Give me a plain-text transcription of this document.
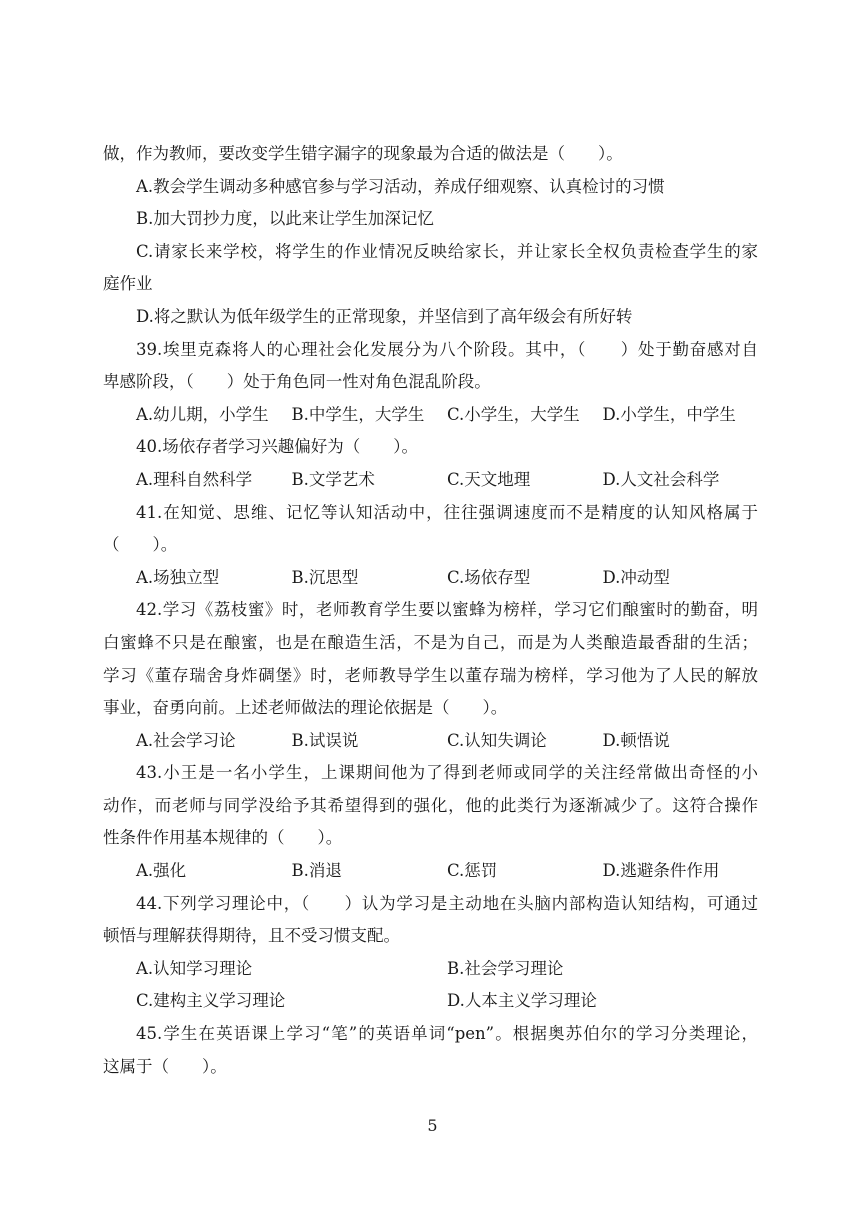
做，作为教师，要改变学生错字漏字的现象最为合适的做法是（　　）。
A.教会学生调动多种感官参与学习活动，养成仔细观察、认真检讨的习惯
B.加大罚抄力度，以此来让学生加深记忆
C.请家长来学校，将学生的作业情况反映给家长，并让家长全权负责检查学生的家
庭作业
D.将之默认为低年级学生的正常现象，并坚信到了高年级会有所好转
39.埃里克森将人的心理社会化发展分为八个阶段。其中，（　　）处于勤奋感对自
卑感阶段，（　　）处于角色同一性对角色混乱阶段。
A.幼儿期，小学生	B.中学生，大学生	C.小学生，大学生	D.小学生，中学生
40.场依存者学习兴趣偏好为（　　）。
A.理科自然科学	B.文学艺术	C.天文地理	D.人文社会科学
41.在知觉、思维、记忆等认知活动中，往往强调速度而不是精度的认知风格属于
（　　）。
A.场独立型	B.沉思型	C.场依存型	D.冲动型
42.学习《荔枝蜜》时，老师教育学生要以蜜蜂为榜样，学习它们酿蜜时的勤奋，明
白蜜蜂不只是在酿蜜，也是在酿造生活，不是为自己，而是为人类酿造最香甜的生活；
学习《董存瑞舍身炸碉堡》时，老师教导学生以董存瑞为榜样，学习他为了人民的解放
事业，奋勇向前。上述老师做法的理论依据是（　　）。
A.社会学习论	B.试误说	C.认知失调论	D.顿悟说
43.小王是一名小学生，上课期间他为了得到老师或同学的关注经常做出奇怪的小
动作，而老师与同学没给予其希望得到的强化，他的此类行为逐渐减少了。这符合操作
性条件作用基本规律的（　　）。
A.强化	B.消退	C.惩罚	D.逃避条件作用
44.下列学习理论中，（　　）认为学习是主动地在头脑内部构造认知结构，可通过
顿悟与理解获得期待，且不受习惯支配。
A.认知学习理论	B.社会学习理论
C.建构主义学习理论	D.人本主义学习理论
45.学生在英语课上学习“笔”的英语单词“pen”。根据奥苏伯尔的学习分类理论，
这属于（　　）。
5
